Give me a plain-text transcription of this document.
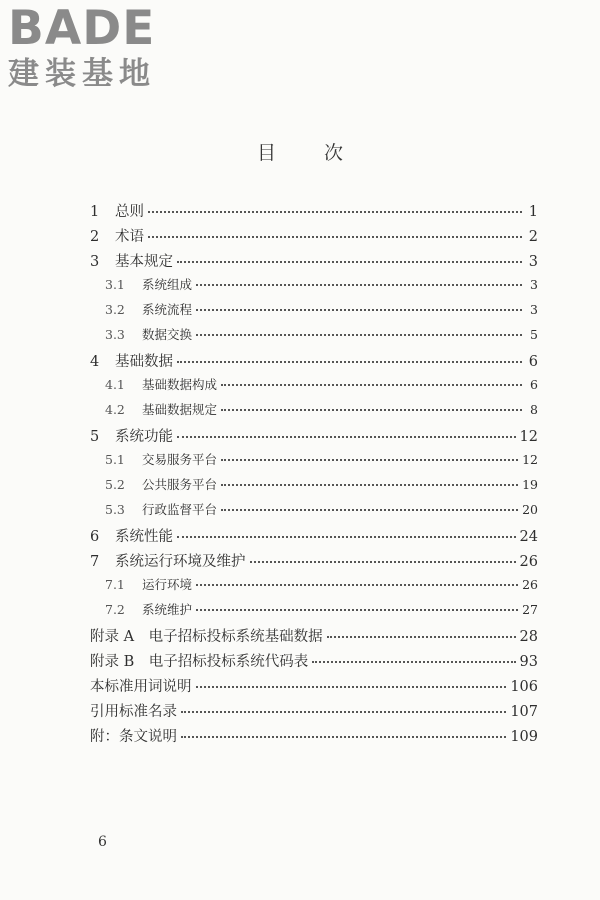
BADE
建装基地
目	次
1	总则	1
2	术语	2
3	基本规定	3
3.1	系统组成	3
3.2	系统流程	3
3.3	数据交换	5
4	基础数据	6
4.1	基础数据构成	6
4.2	基础数据规定	8
5	系统功能	12
5.1	交易服务平台	12
5.2	公共服务平台	19
5.3	行政监督平台	20
6	系统性能	24
7	系统运行环境及维护	26
7.1	运行环境	26
7.2	系统维护	27
附录 A　电子招标投标系统基础数据	28
附录 B　电子招标投标系统代码表	93
本标准用词说明	106
引用标准名录	107
附：条文说明	109
6
